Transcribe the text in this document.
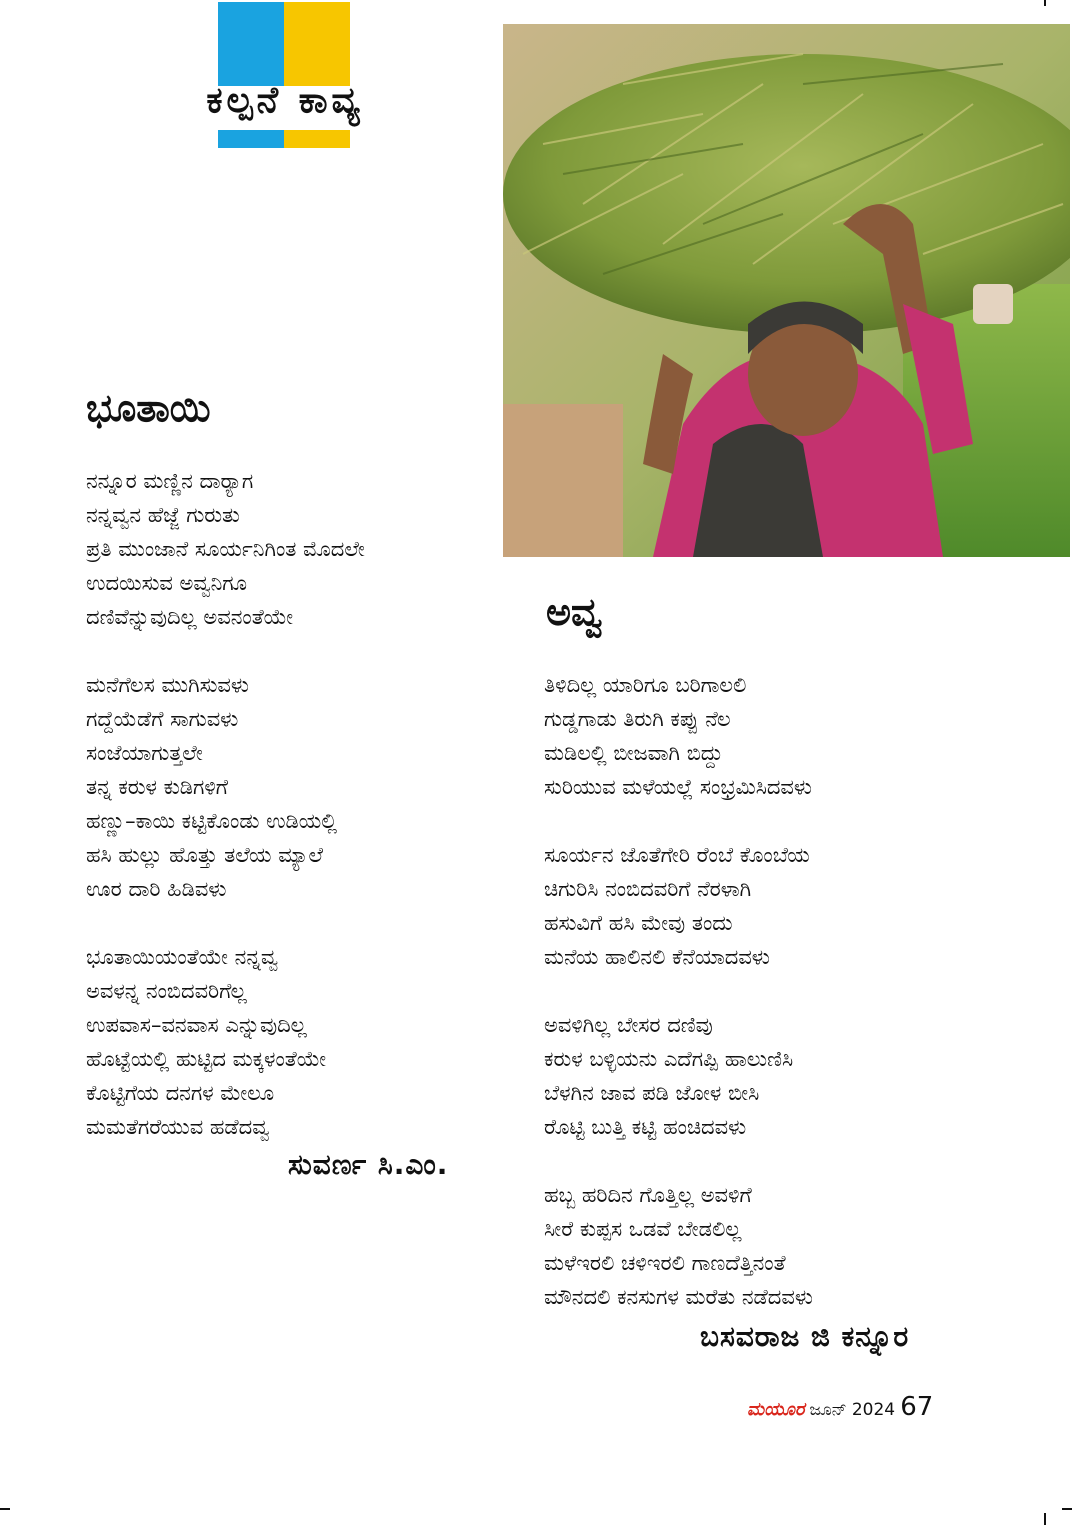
ಕಲ್ಪನೆ ಕಾವ್ಯ
ಭೂತಾಯಿ
ನನ್ನೂರ ಮಣ್ಣಿನ ದಾರ್‍ಯಾಗ
ನನ್ನವ್ವನ ಹೆಜ್ಜೆ ಗುರುತು
ಪ್ರತಿ ಮುಂಜಾನೆ ಸೂರ್ಯನಿಗಿಂತ ಮೊದಲೇ
ಉದಯಿಸುವ ಅವ್ವನಿಗೂ
ದಣಿವೆನ್ನುವುದಿಲ್ಲ ಅವನಂತೆಯೇ
ಮನೆಗೆಲಸ ಮುಗಿಸುವಳು
ಗದ್ದೆಯೆಡೆಗೆ ಸಾಗುವಳು
ಸಂಜೆಯಾಗುತ್ತಲೇ
ತನ್ನ ಕರುಳ ಕುಡಿಗಳಿಗೆ
ಹಣ್ಣು–ಕಾಯಿ ಕಟ್ಟಿಕೊಂಡು ಉಡಿಯಲ್ಲಿ
ಹಸಿ ಹುಲ್ಲು ಹೊತ್ತು ತಲೆಯ ಮ್ಯಾಲೆ
ಊರ ದಾರಿ ಹಿಡಿವಳು
ಭೂತಾಯಿಯಂತೆಯೇ ನನ್ನವ್ವ
ಅವಳನ್ನ ನಂಬಿದವರಿಗೆಲ್ಲ
ಉಪವಾಸ–ವನವಾಸ ಎನ್ನುವುದಿಲ್ಲ
ಹೊಟ್ಟೆಯಲ್ಲಿ ಹುಟ್ಟಿದ ಮಕ್ಕಳಂತೆಯೇ
ಕೊಟ್ಟಿಗೆಯ ದನಗಳ ಮೇಲೂ
ಮಮತೆಗರೆಯುವ ಹಡೆದವ್ವ
ಸುವರ್ಣ ಸಿ.ಎಂ.
ಅವ್ವ
ತಿಳಿದಿಲ್ಲ ಯಾರಿಗೂ ಬರಿಗಾಲಲಿ
ಗುಡ್ಡಗಾಡು ತಿರುಗಿ ಕಪ್ಪು ನೆಲ
ಮಡಿಲಲ್ಲಿ ಬೀಜವಾಗಿ ಬಿದ್ದು
ಸುರಿಯುವ ಮಳೆಯಲ್ಲೆ ಸಂಭ್ರಮಿಸಿದವಳು
ಸೂರ್ಯನ ಜೊತೆಗೇರಿ ರೆಂಬೆ ಕೊಂಬೆಯ
ಚಿಗುರಿಸಿ ನಂಬಿದವರಿಗೆ ನೆರಳಾಗಿ
ಹಸುವಿಗೆ ಹಸಿ ಮೇವು ತಂದು
ಮನೆಯ ಹಾಲಿನಲಿ ಕೆನೆಯಾದವಳು
ಅವಳಿಗಿಲ್ಲ ಬೇಸರ ದಣಿವು
ಕರುಳ ಬಳ್ಳಿಯನು ಎದೆಗಪ್ಪಿ ಹಾಲುಣಿಸಿ
ಬೆಳಗಿನ ಜಾವ ಪಡಿ ಜೋಳ ಬೀಸಿ
ರೊಟ್ಟಿ ಬುತ್ತಿ ಕಟ್ಟಿ ಹಂಚಿದವಳು
ಹಬ್ಬ ಹರಿದಿನ ಗೊತ್ತಿಲ್ಲ ಅವಳಿಗೆ
ಸೀರೆ ಕುಪ್ಪಸ ಒಡವೆ ಬೇಡಲಿಲ್ಲ
ಮಳೆಇರಲಿ ಚಳಿಇರಲಿ ಗಾಣದೆತ್ತಿನಂತೆ
ಮೌನದಲಿ ಕನಸುಗಳ ಮರೆತು ನಡೆದವಳು
ಬಸವರಾಜ ಜಿ ಕನ್ನೂರ
ಮಯೂರ ಜೂನ್ 2024 67
